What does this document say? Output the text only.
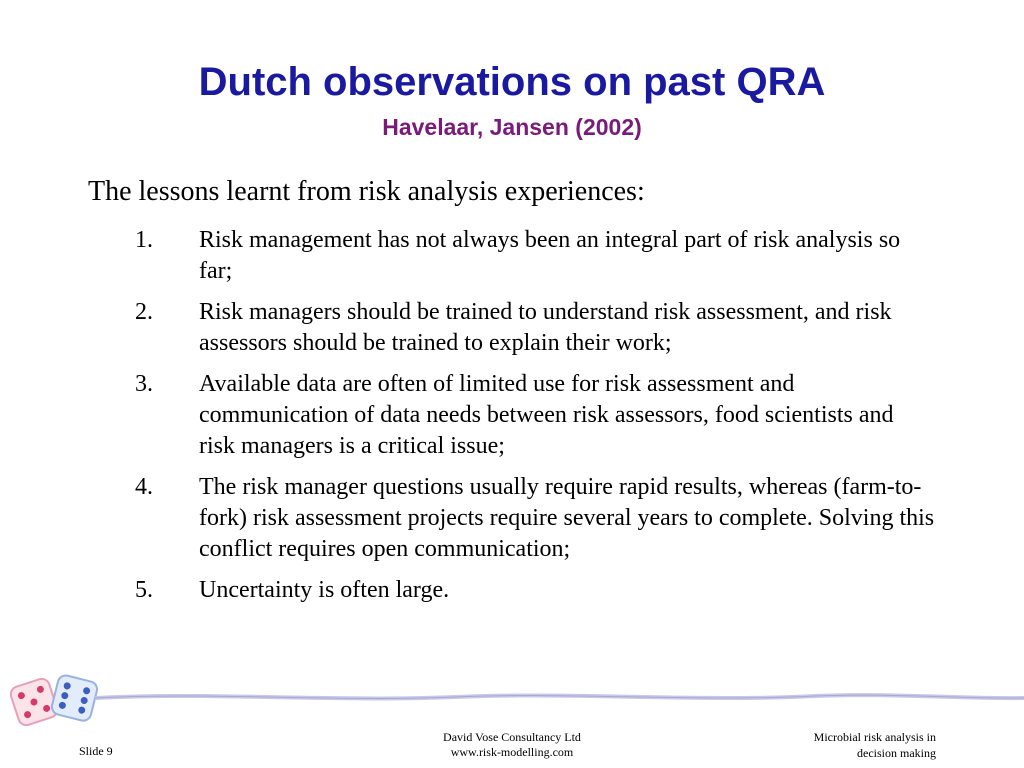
Dutch observations on past QRA
Havelaar, Jansen (2002)

The lessons learnt from risk analysis experiences:

1.	Risk management has not always been an integral part of risk analysis so far;
2.	Risk managers should be trained to understand risk assessment, and risk assessors should be trained to explain their work;
3.	Available data are often of limited use for risk assessment and communication of data needs between risk assessors, food scientists and risk managers is a critical issue;
4.	The risk manager questions usually require rapid results, whereas (farm-to-fork) risk assessment projects require several years to complete. Solving this conflict requires open communication;
5.	Uncertainty is often large.
Slide 9
David Vose Consultancy Ltd
www.risk-modelling.com
Microbial risk analysis in
decision making
